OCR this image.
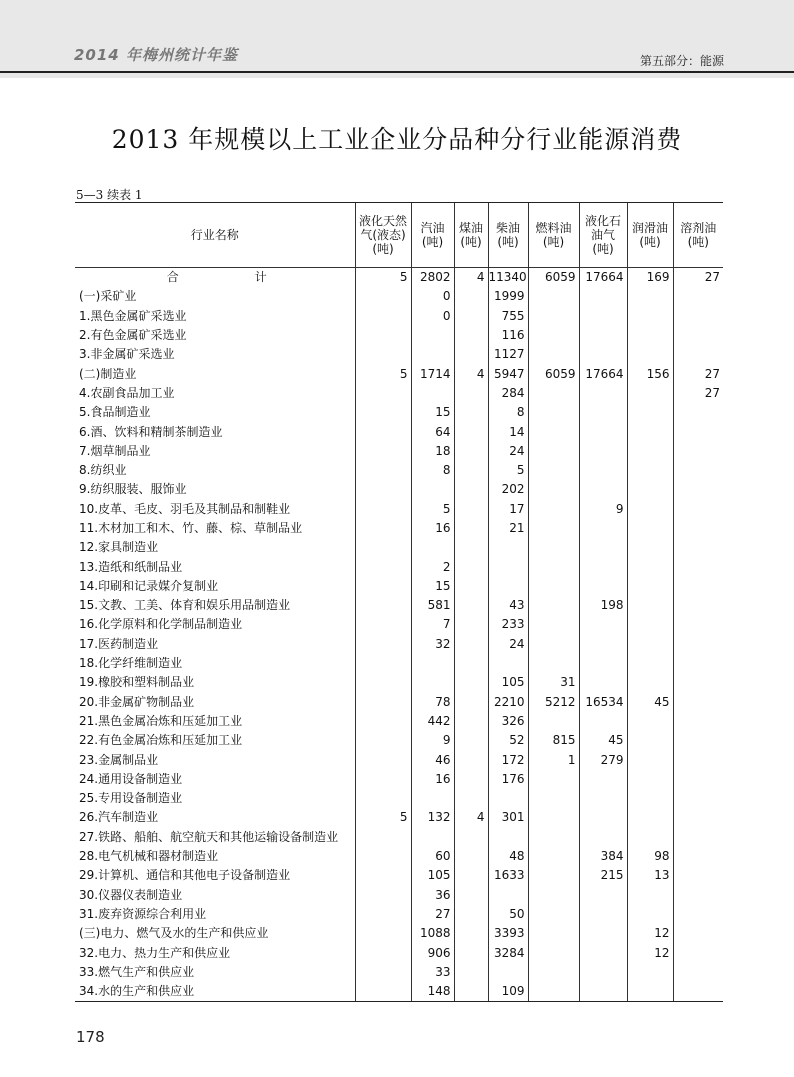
2014 年梅州统计年鉴	第五部分：能源
2013 年规模以上工业企业分品种分行业能源消费
5—3 续表 1
行业名称	液化天然气(液态)(吨)	汽油(吨)	煤油(吨)	柴油(吨)	燃料油(吨)	液化石油气(吨)	润滑油(吨)	溶剂油(吨)
合　　计	5	2802	4	11340	6059	17664	169	27
(一)采矿业		0		1999				
1.黑色金属矿采选业		0		755				
2.有色金属矿采选业				116				
3.非金属矿采选业				1127				
(二)制造业	5	1714	4	5947	6059	17664	156	27
4.农副食品加工业				284				27
5.食品制造业		15		8				
6.酒、饮料和精制茶制造业		64		14				
7.烟草制品业		18		24				
8.纺织业		8		5				
9.纺织服装、服饰业				202				
10.皮革、毛皮、羽毛及其制品和制鞋业		5		17		9		
11.木材加工和木、竹、藤、棕、草制品业		16		21				
12.家具制造业								
13.造纸和纸制品业		2						
14.印刷和记录媒介复制业		15						
15.文教、工美、体育和娱乐用品制造业		581		43		198		
16.化学原料和化学制品制造业		7		233				
17.医药制造业		32		24				
18.化学纤维制造业								
19.橡胶和塑料制品业				105	31			
20.非金属矿物制品业		78		2210	5212	16534	45	
21.黑色金属冶炼和压延加工业		442		326				
22.有色金属冶炼和压延加工业		9		52	815	45		
23.金属制品业		46		172	1	279		
24.通用设备制造业		16		176				
25.专用设备制造业								
26.汽车制造业	5	132	4	301				
27.铁路、船舶、航空航天和其他运输设备制造业								
28.电气机械和器材制造业		60		48		384	98	
29.计算机、通信和其他电子设备制造业		105		1633		215	13	
30.仪器仪表制造业		36						
31.废弃资源综合利用业		27		50				
(三)电力、燃气及水的生产和供应业		1088		3393			12	
32.电力、热力生产和供应业		906		3284			12	
33.燃气生产和供应业		33						
34.水的生产和供应业		148		109				
178
